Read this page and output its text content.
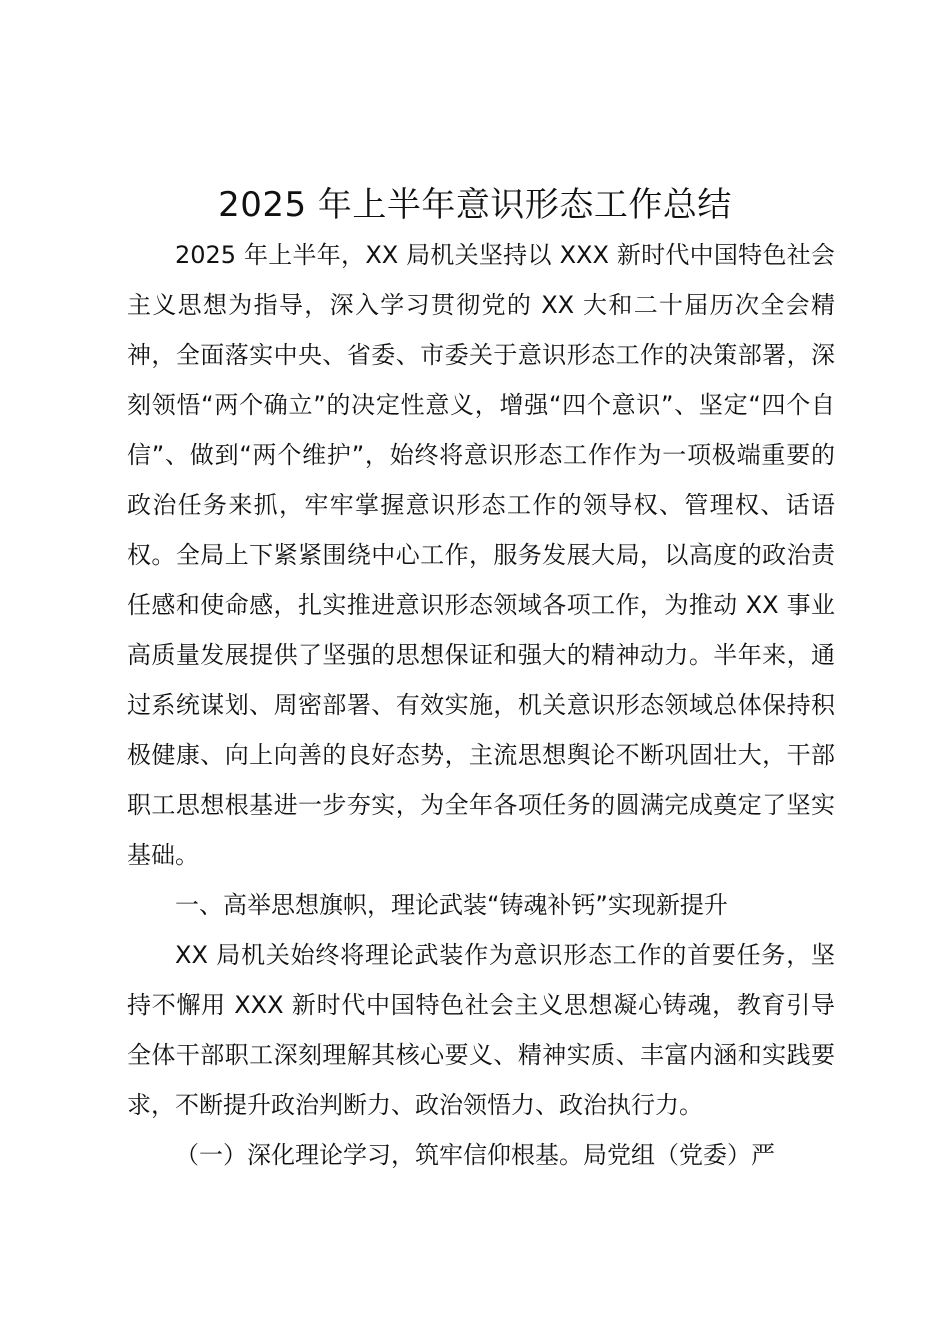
2025 年上半年意识形态工作总结

2025 年上半年，XX 局机关坚持以 XXX 新时代中国特色社会主义思想为指导，深入学习贯彻党的 XX 大和二十届历次全会精神，全面落实中央、省委、市委关于意识形态工作的决策部署，深刻领悟“两个确立”的决定性意义，增强“四个意识”、坚定“四个自信”、做到“两个维护”，始终将意识形态工作作为一项极端重要的政治任务来抓，牢牢掌握意识形态工作的领导权、管理权、话语权。全局上下紧紧围绕中心工作，服务发展大局，以高度的政治责任感和使命感，扎实推进意识形态领域各项工作，为推动 XX 事业高质量发展提供了坚强的思想保证和强大的精神动力。半年来，通过系统谋划、周密部署、有效实施，机关意识形态领域总体保持积极健康、向上向善的良好态势，主流思想舆论不断巩固壮大，干部职工思想根基进一步夯实，为全年各项任务的圆满完成奠定了坚实基础。

一、高举思想旗帜，理论武装“铸魂补钙”实现新提升

XX 局机关始终将理论武装作为意识形态工作的首要任务，坚持不懈用 XXX 新时代中国特色社会主义思想凝心铸魂，教育引导全体干部职工深刻理解其核心要义、精神实质、丰富内涵和实践要求，不断提升政治判断力、政治领悟力、政治执行力。

（一）深化理论学习，筑牢信仰根基。局党组（党委）严
